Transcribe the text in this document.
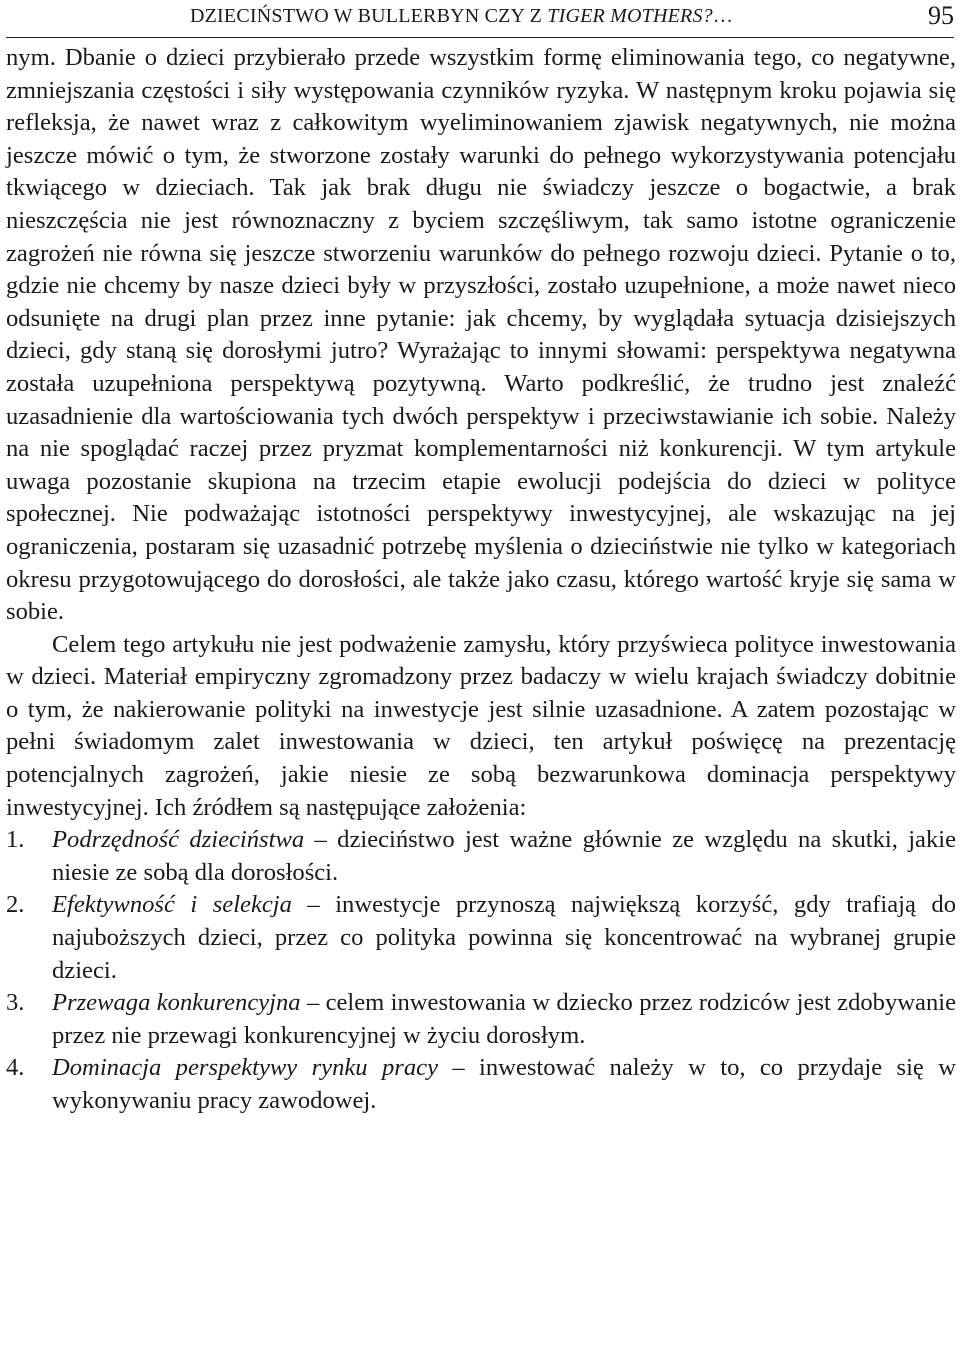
DZIECIŃSTWO W BULLERBYN CZY Z TIGER MOTHERS?…	95

nym. Dbanie o dzieci przybierało przede wszystkim formę eliminowania tego, co negatywne, zmniejszania częstości i siły występowania czynników ryzyka. W następnym kroku pojawia się refleksja, że nawet wraz z całkowitym wyeliminowaniem zjawisk negatywnych, nie można jeszcze mówić o tym, że stworzone zostały warunki do pełnego wykorzystywania potencjału tkwiącego w dzieciach. Tak jak brak długu nie świadczy jeszcze o bogactwie, a brak nieszczęścia nie jest równoznaczny z byciem szczęśliwym, tak samo istotne ograniczenie zagrożeń nie równa się jeszcze stworzeniu warunków do pełnego rozwoju dzieci. Pytanie o to, gdzie nie chcemy by nasze dzieci były w przyszłości, zostało uzupełnione, a może nawet nieco odsunięte na drugi plan przez inne pytanie: jak chcemy, by wyglądała sytuacja dzisiejszych dzieci, gdy staną się dorosłymi jutro? Wyrażając to innymi słowami: perspektywa negatywna została uzupełniona perspektywą pozytywną. Warto podkreślić, że trudno jest znaleźć uzasadnienie dla wartościowania tych dwóch perspektyw i przeciwstawianie ich sobie. Należy na nie spoglądać raczej przez pryzmat komplementarności niż konkurencji. W tym artykule uwaga pozostanie skupiona na trzecim etapie ewolucji podejścia do dzieci w polityce społecznej. Nie podważając istotności perspektywy inwestycyjnej, ale wskazując na jej ograniczenia, postaram się uzasadnić potrzebę myślenia o dzieciństwie nie tylko w kategoriach okresu przygotowującego do dorosłości, ale także jako czasu, którego wartość kryje się sama w sobie.

Celem tego artykułu nie jest podważenie zamysłu, który przyświeca polityce inwestowania w dzieci. Materiał empiryczny zgromadzony przez badaczy w wielu krajach świadczy dobitnie o tym, że nakierowanie polityki na inwestycje jest silnie uzasadnione. A zatem pozostając w pełni świadomym zalet inwestowania w dzieci, ten artykuł poświęcę na prezentację potencjalnych zagrożeń, jakie niesie ze sobą bezwarunkowa dominacja perspektywy inwestycyjnej. Ich źródłem są następujące założenia:

1. Podrzędność dzieciństwa – dzieciństwo jest ważne głównie ze względu na skutki, jakie niesie ze sobą dla dorosłości.
2. Efektywność i selekcja – inwestycje przynoszą największą korzyść, gdy trafiają do najuboższych dzieci, przez co polityka powinna się koncentrować na wybranej grupie dzieci.
3. Przewaga konkurencyjna – celem inwestowania w dziecko przez rodziców jest zdobywanie przez nie przewagi konkurencyjnej w życiu dorosłym.
4. Dominacja perspektywy rynku pracy – inwestować należy w to, co przydaje się w wykonywaniu pracy zawodowej.
